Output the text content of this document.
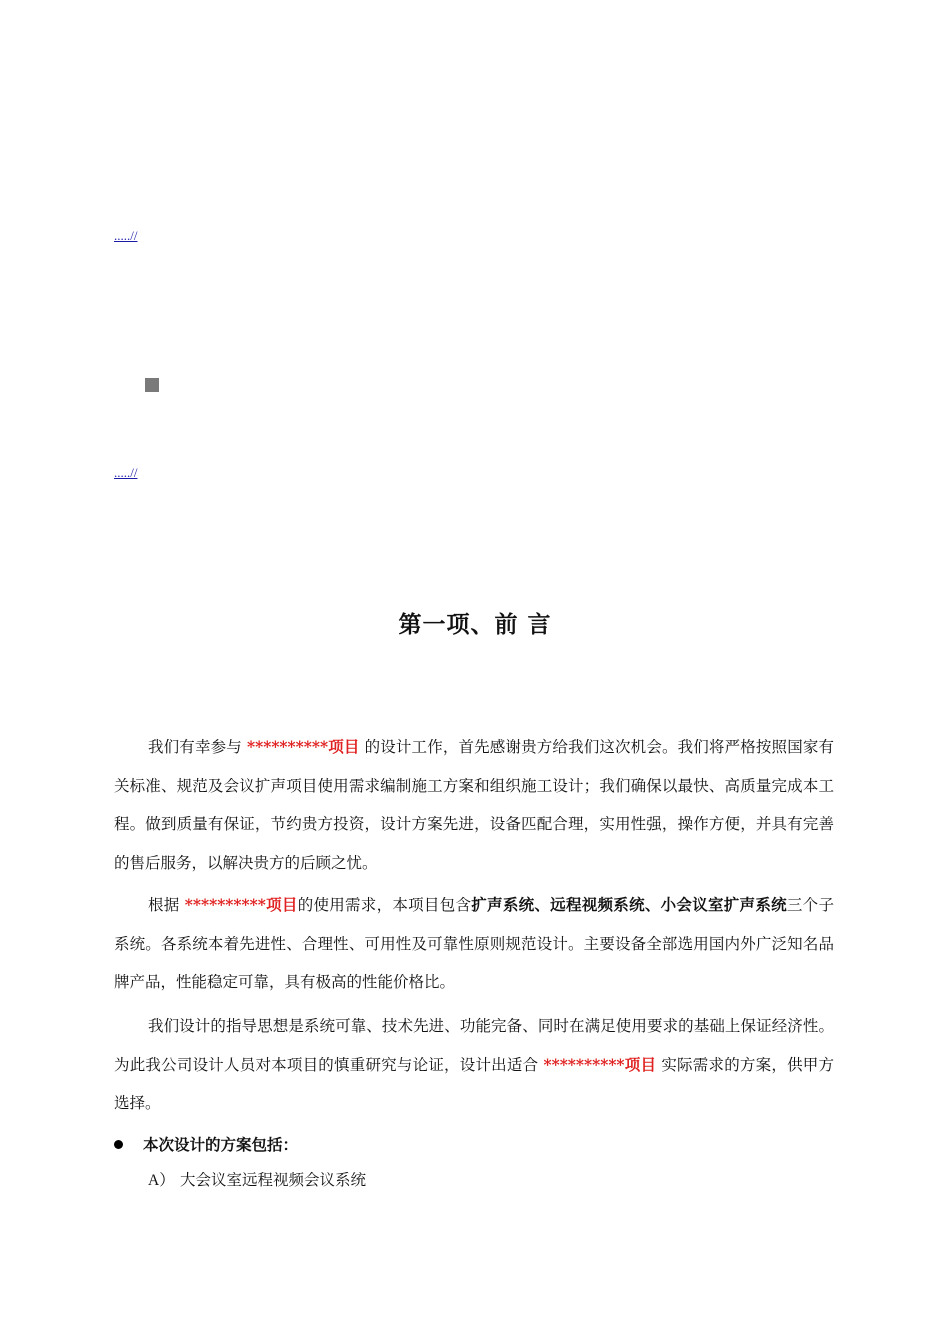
.....//
.....//
第一项、前 言

我们有幸参与 **********项目 的设计工作，首先感谢贵方给我们这次机会。我们将严格按照国家有关标准、规范及会议扩声项目使用需求编制施工方案和组织施工设计；我们确保以最快、高质量完成本工程。做到质量有保证，节约贵方投资，设计方案先进，设备匹配合理，实用性强，操作方便，并具有完善的售后服务，以解决贵方的后顾之忧。

根据 **********项目的使用需求，本项目包含扩声系统、远程视频系统、小会议室扩声系统三个子系统。各系统本着先进性、合理性、可用性及可靠性原则规范设计。主要设备全部选用国内外广泛知名品牌产品，性能稳定可靠，具有极高的性能价格比。

我们设计的指导思想是系统可靠、技术先进、功能完备、同时在满足使用要求的基础上保证经济性。为此我公司设计人员对本项目的慎重研究与论证，设计出适合 **********项目 实际需求的方案，供甲方选择。

本次设计的方案包括：
A） 大会议室远程视频会议系统
